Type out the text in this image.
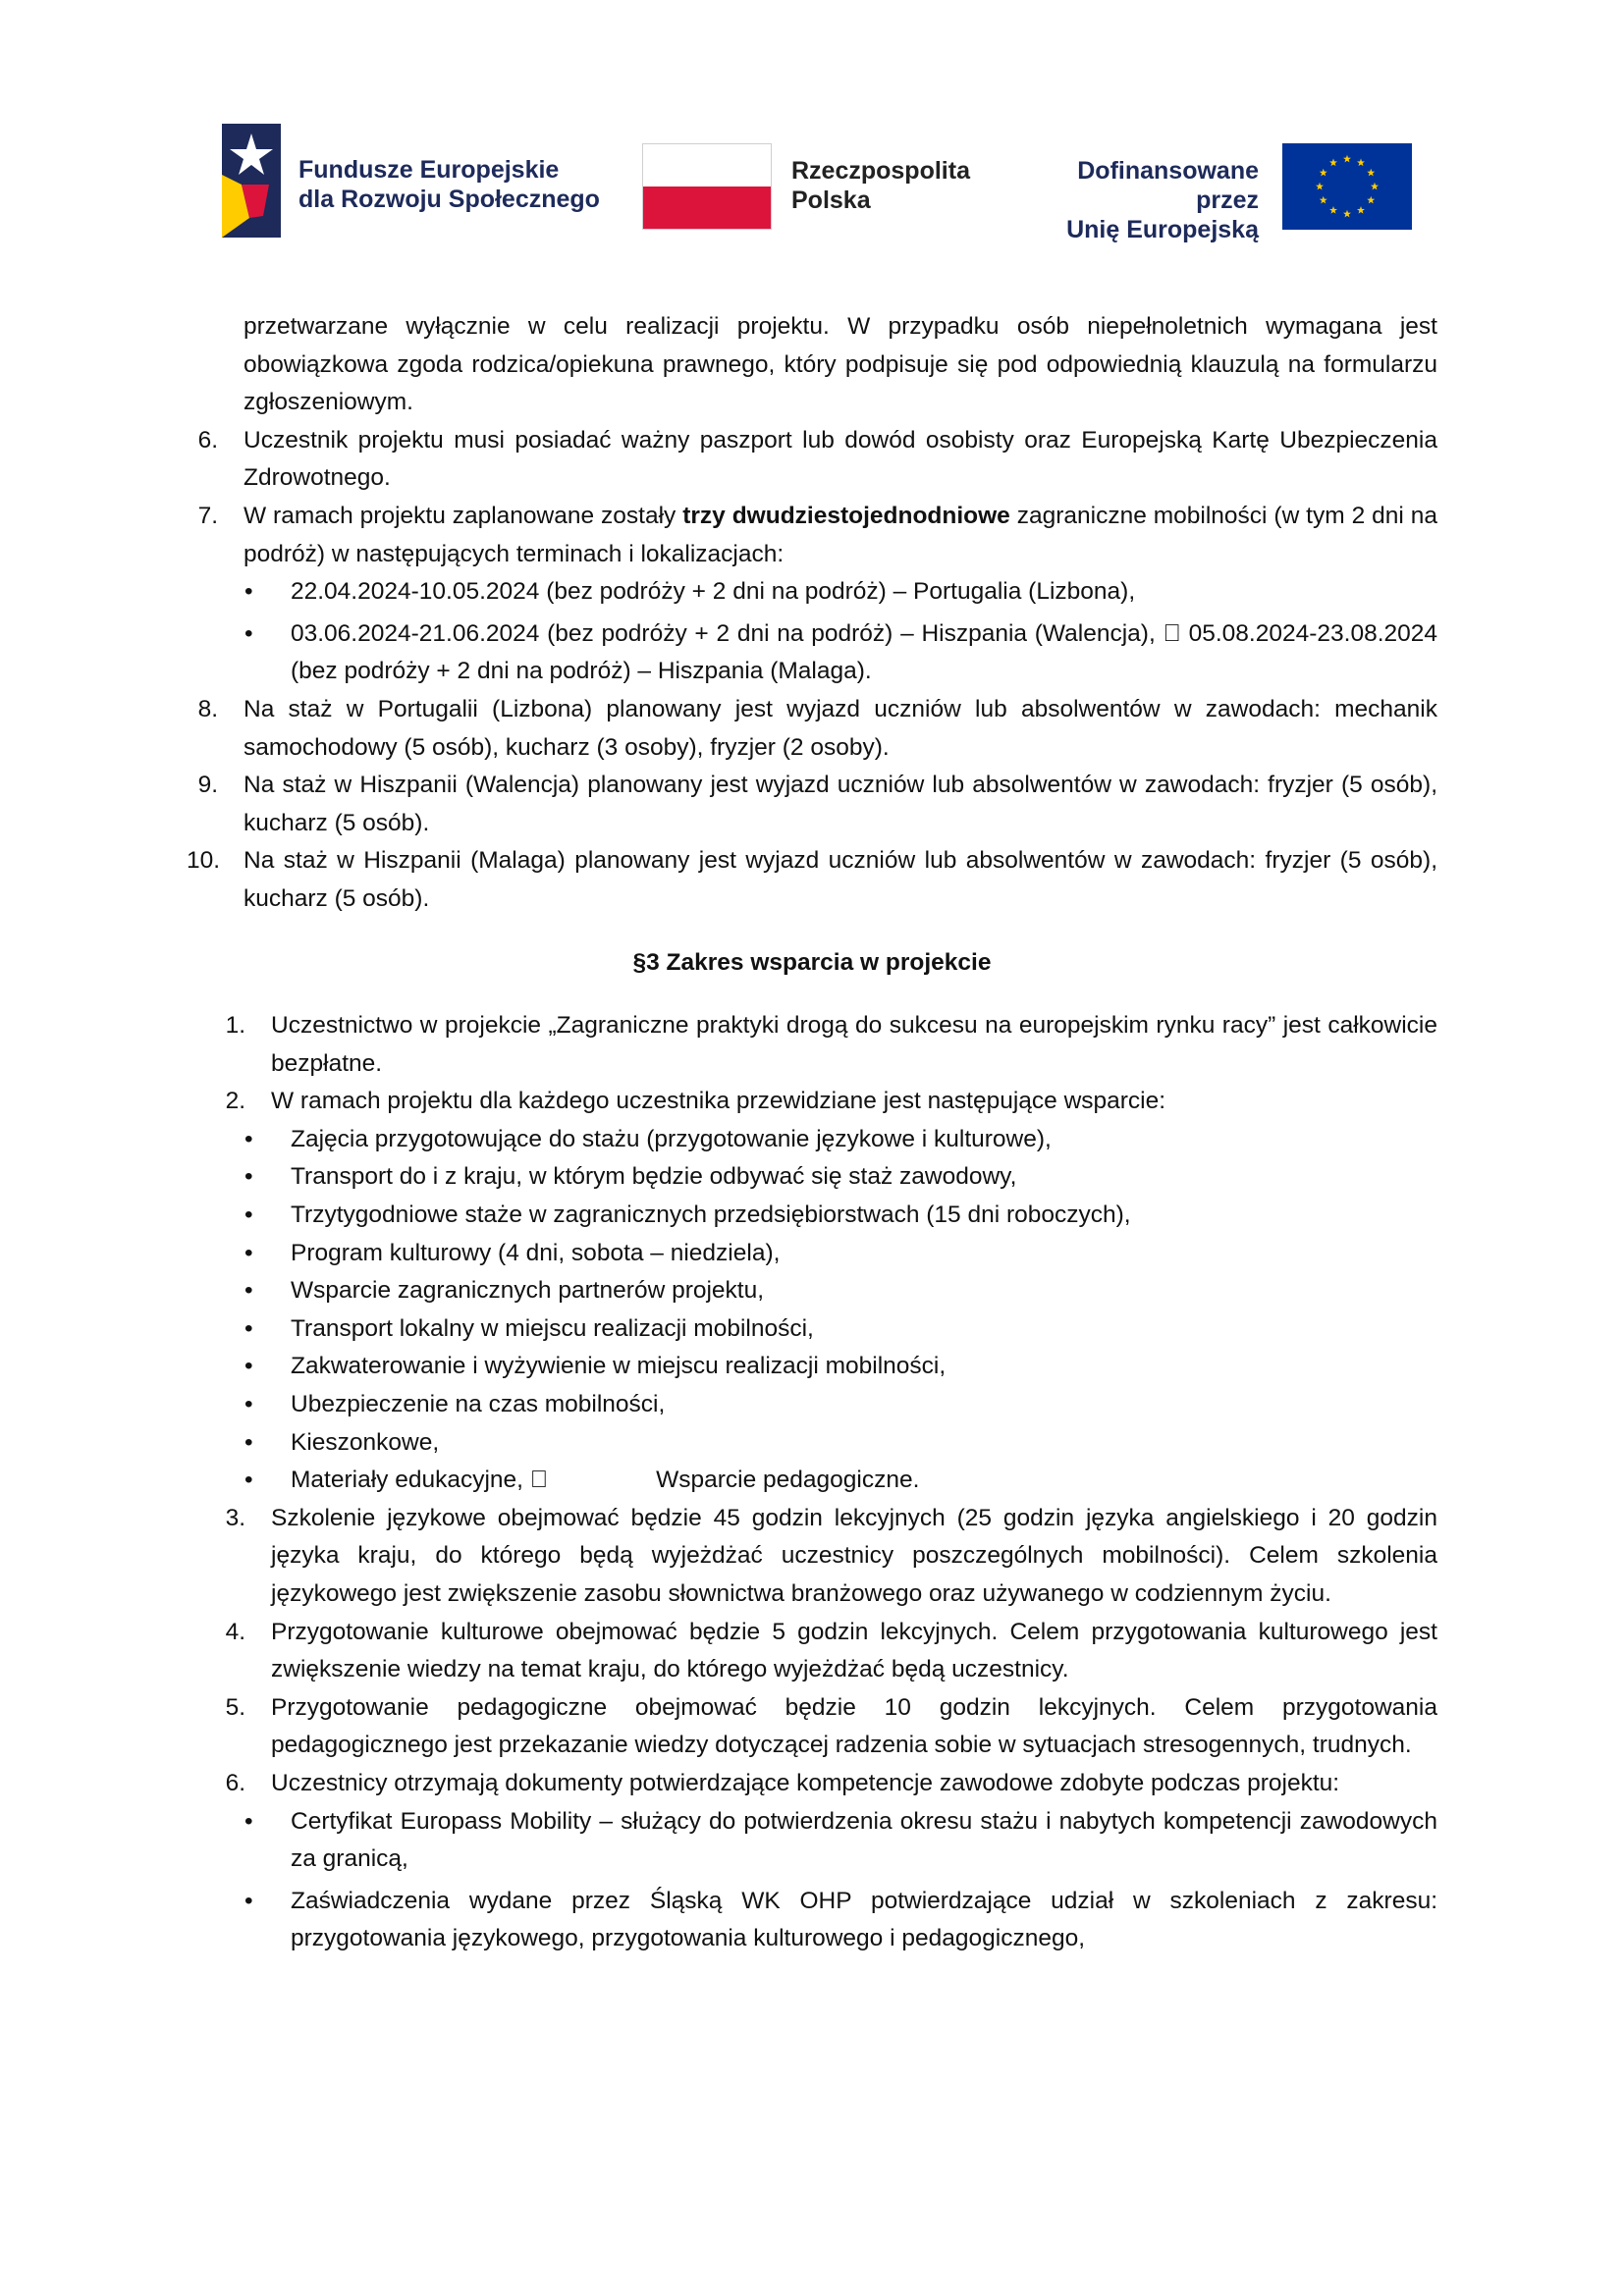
Fundusze Europejskie
dla Rozwoju Społecznego
Rzeczpospolita
Polska
Dofinansowane przez
Unię Europejską
przetwarzane wyłącznie w celu realizacji projektu. W przypadku osób niepełnoletnich wymagana jest obowiązkowa zgoda rodzica/opiekuna prawnego, który podpisuje się pod odpowiednią klauzulą na formularzu zgłoszeniowym.
6. Uczestnik projektu musi posiadać ważny paszport lub dowód osobisty oraz Europejską Kartę Ubezpieczenia Zdrowotnego.
7. W ramach projektu zaplanowane zostały trzy dwudziestojednodniowe zagraniczne mobilności (w tym 2 dni na podróż) w następujących terminach i lokalizacjach:
• 22.04.2024-10.05.2024 (bez podróży + 2 dni na podróż) – Portugalia (Lizbona),
• 03.06.2024-21.06.2024 (bez podróży + 2 dni na podróż) – Hiszpania (Walencja), 05.08.2024-23.08.2024 (bez podróży + 2 dni na podróż) – Hiszpania (Malaga).
8. Na staż w Portugalii (Lizbona) planowany jest wyjazd uczniów lub absolwentów w zawodach: mechanik samochodowy (5 osób), kucharz (3 osoby), fryzjer (2 osoby).
9. Na staż w Hiszpanii (Walencja) planowany jest wyjazd uczniów lub absolwentów w zawodach: fryzjer (5 osób), kucharz (5 osób).
10. Na staż w Hiszpanii (Malaga) planowany jest wyjazd uczniów lub absolwentów w zawodach: fryzjer (5 osób), kucharz (5 osób).
§3 Zakres wsparcia w projekcie
1. Uczestnictwo w projekcie „Zagraniczne praktyki drogą do sukcesu na europejskim rynku racy” jest całkowicie bezpłatne.
2. W ramach projektu dla każdego uczestnika przewidziane jest następujące wsparcie:
• Zajęcia przygotowujące do stażu (przygotowanie językowe i kulturowe),
• Transport do i z kraju, w którym będzie odbywać się staż zawodowy,
• Trzytygodniowe staże w zagranicznych przedsiębiorstwach (15 dni roboczych),
• Program kulturowy (4 dni, sobota – niedziela),
• Wsparcie zagranicznych partnerów projektu,
• Transport lokalny w miejscu realizacji mobilności,
• Zakwaterowanie i wyżywienie w miejscu realizacji mobilności,
• Ubezpieczenie na czas mobilności,
• Kieszonkowe,
• Materiały edukacyjne,	Wsparcie pedagogiczne.
3. Szkolenie językowe obejmować będzie 45 godzin lekcyjnych (25 godzin języka angielskiego i 20 godzin języka kraju, do którego będą wyjeżdżać uczestnicy poszczególnych mobilności). Celem szkolenia językowego jest zwiększenie zasobu słownictwa branżowego oraz używanego w codziennym życiu.
4. Przygotowanie kulturowe obejmować będzie 5 godzin lekcyjnych. Celem przygotowania kulturowego jest zwiększenie wiedzy na temat kraju, do którego wyjeżdżać będą uczestnicy.
5. Przygotowanie pedagogiczne obejmować będzie 10 godzin lekcyjnych. Celem przygotowania pedagogicznego jest przekazanie wiedzy dotyczącej radzenia sobie w sytuacjach stresogennych, trudnych.
6. Uczestnicy otrzymają dokumenty potwierdzające kompetencje zawodowe zdobyte podczas projektu:
• Certyfikat Europass Mobility – służący do potwierdzenia okresu stażu i nabytych kompetencji zawodowych za granicą,
• Zaświadczenia wydane przez Śląską WK OHP potwierdzające udział w szkoleniach z zakresu: przygotowania językowego, przygotowania kulturowego i pedagogicznego,
